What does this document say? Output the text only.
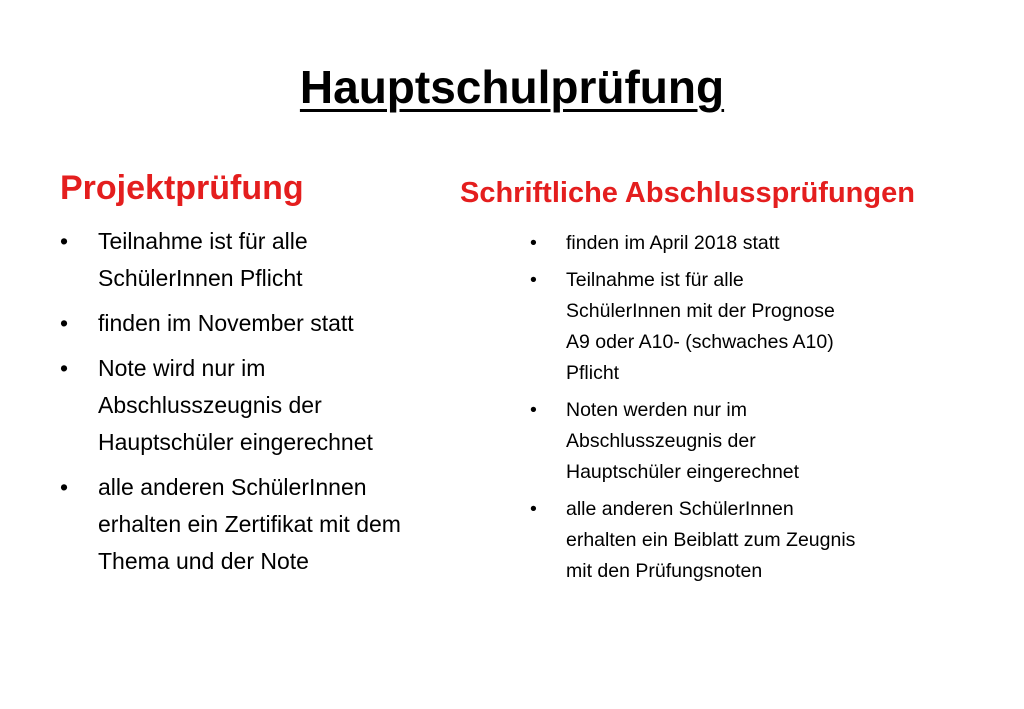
Hauptschulprüfung
Projektprüfung
• Teilnahme ist für alle
SchülerInnen Pflicht
• finden im November statt
• Note wird nur im
Abschlusszeugnis der
Hauptschüler eingerechnet
• alle anderen SchülerInnen
erhalten ein Zertifikat mit dem
Thema und der Note
Schriftliche Abschlussprüfungen
• finden im April 2018 statt
• Teilnahme ist für alle
SchülerInnen mit der Prognose
A9 oder A10- (schwaches A10)
Pflicht
• Noten werden nur im
Abschlusszeugnis der
Hauptschüler eingerechnet
• alle anderen SchülerInnen
erhalten ein Beiblatt zum Zeugnis
mit den Prüfungsnoten
